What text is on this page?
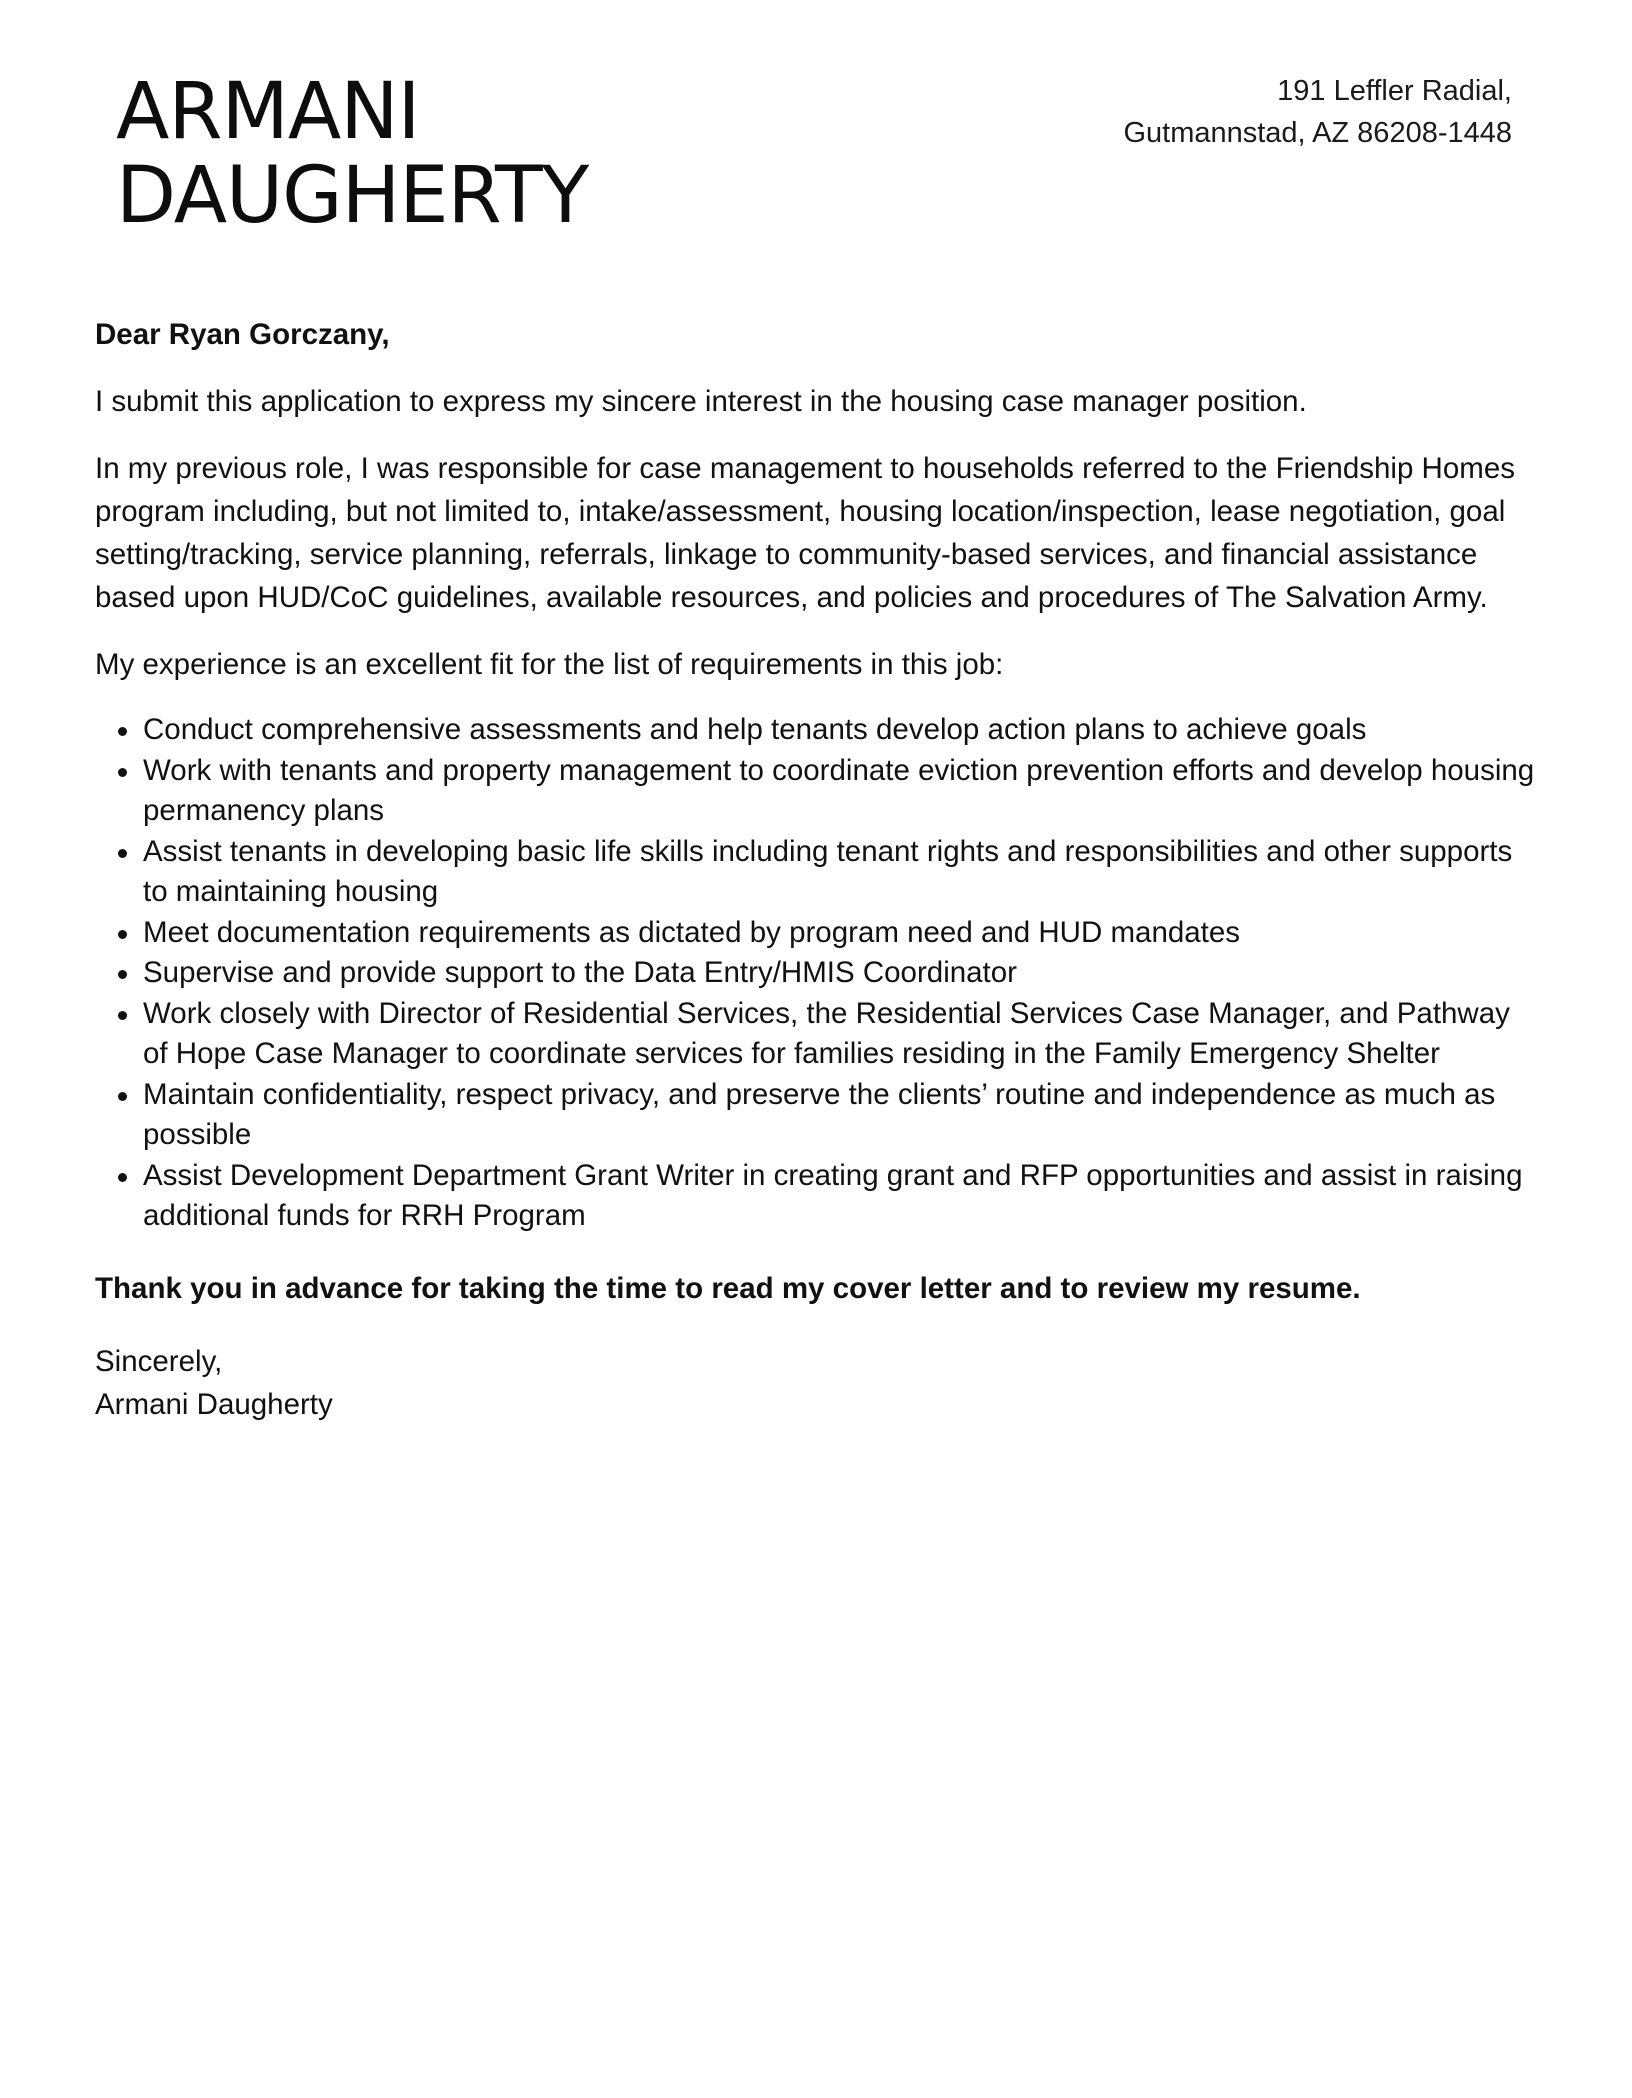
ARMANI
DAUGHERTY
191 Leffler Radial,
Gutmannstad, AZ 86208-1448

Dear Ryan Gorczany,

I submit this application to express my sincere interest in the housing case manager position.

In my previous role, I was responsible for case management to households referred to the Friendship Homes program including, but not limited to, intake/assessment, housing location/inspection, lease negotiation, goal setting/tracking, service planning, referrals, linkage to community-based services, and financial assistance based upon HUD/CoC guidelines, available resources, and policies and procedures of The Salvation Army.

My experience is an excellent fit for the list of requirements in this job:

Conduct comprehensive assessments and help tenants develop action plans to achieve goals
Work with tenants and property management to coordinate eviction prevention efforts and develop housing permanency plans
Assist tenants in developing basic life skills including tenant rights and responsibilities and other supports to maintaining housing
Meet documentation requirements as dictated by program need and HUD mandates
Supervise and provide support to the Data Entry/HMIS Coordinator
Work closely with Director of Residential Services, the Residential Services Case Manager, and Pathway of Hope Case Manager to coordinate services for families residing in the Family Emergency Shelter
Maintain confidentiality, respect privacy, and preserve the clients’ routine and independence as much as possible
Assist Development Department Grant Writer in creating grant and RFP opportunities and assist in raising additional funds for RRH Program

Thank you in advance for taking the time to read my cover letter and to review my resume.

Sincerely,
Armani Daugherty
